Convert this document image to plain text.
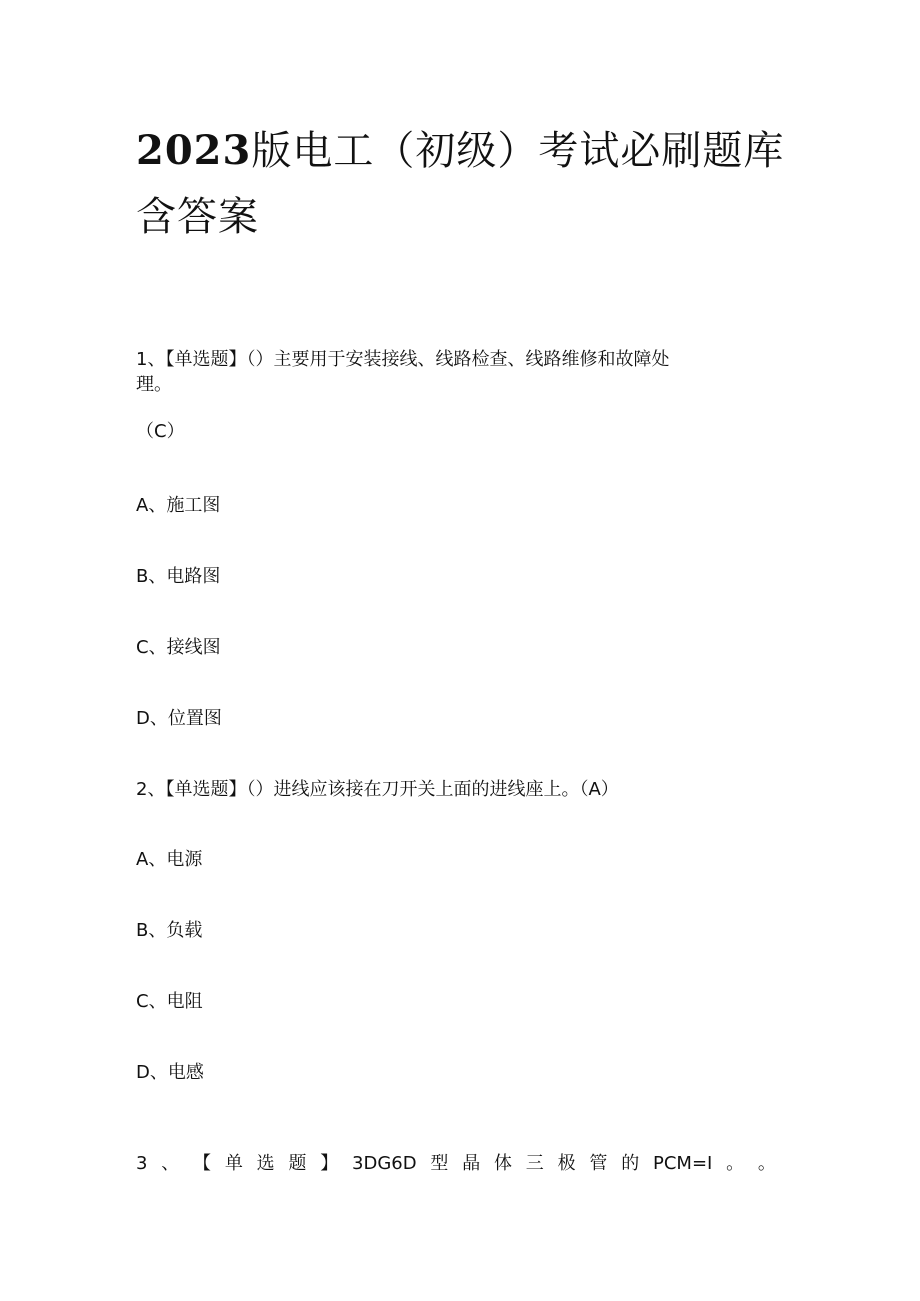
2023版电工（初级）考试必刷题库含答案
1、【单选题】（）主要用于安装接线、线路检查、线路维修和故障处
理。
（C）
A、施工图
B、电路图
C、接线图
D、位置图
2、【单选题】（）进线应该接在刀开关上面的进线座上。（A）
A、电源
B、负载
C、电阻
D、电感
3 、 【 单 选 题 】 3DG6D 型 晶 体 三 极 管 的 PCM=I 。 。
